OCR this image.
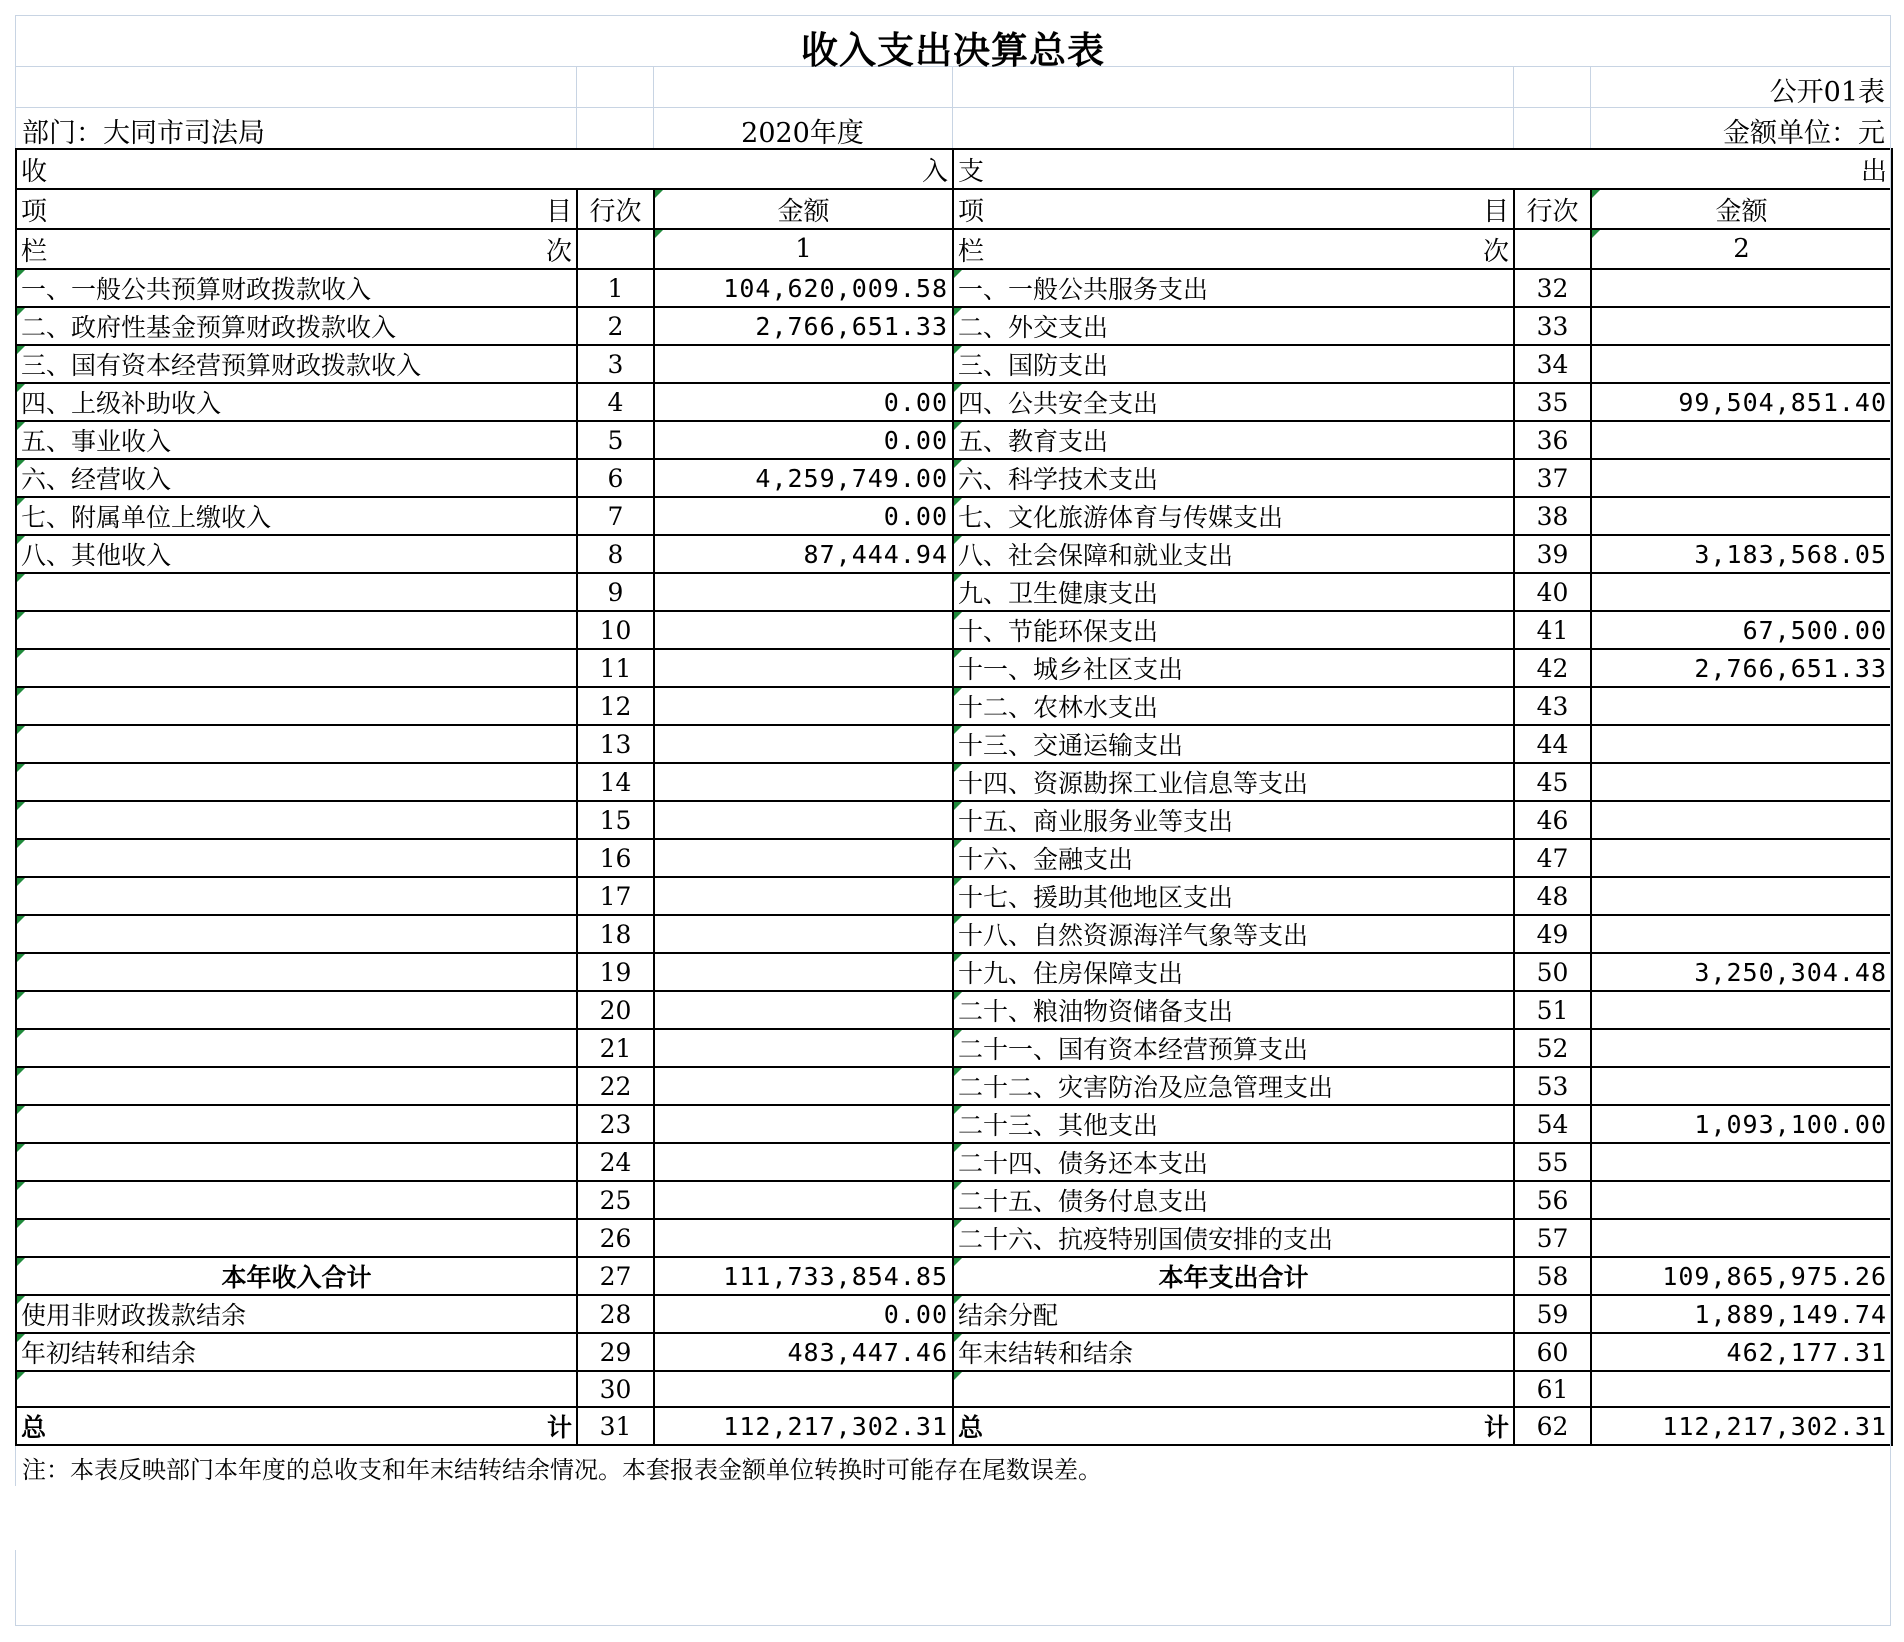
收入支出决算总表
公开01表
部门：大同市司法局	2020年度	金额单位：元
收 入			支 出		

项 目	行次	金额	项 目	行次	金额

栏 次		1	栏 次		2
一、一般公共预算财政拨款收入	1	104,620,009.58	一、一般公共服务支出	32	
二、政府性基金预算财政拨款收入	2	2,766,651.33	二、外交支出	33	
三、国有资本经营预算财政拨款收入	3		三、国防支出	34	
四、上级补助收入	4	0.00	四、公共安全支出	35	99,504,851.40
五、事业收入	5	0.00	五、教育支出	36	
六、经营收入	6	4,259,749.00	六、科学技术支出	37	
七、附属单位上缴收入	7	0.00	七、文化旅游体育与传媒支出	38	
八、其他收入	8	87,444.94	八、社会保障和就业支出	39	3,183,568.05
	9		九、卫生健康支出	40	
	10		十、节能环保支出	41	67,500.00
	11		十一、城乡社区支出	42	2,766,651.33
	12		十二、农林水支出	43	
	13		十三、交通运输支出	44	
	14		十四、资源勘探工业信息等支出	45	
	15		十五、商业服务业等支出	46	
	16		十六、金融支出	47	
	17		十七、援助其他地区支出	48	
	18		十八、自然资源海洋气象等支出	49	
	19		十九、住房保障支出	50	3,250,304.48
	20		二十、粮油物资储备支出	51	
	21		二十一、国有资本经营预算支出	52	
	22		二十二、灾害防治及应急管理支出	53	
	23		二十三、其他支出	54	1,093,100.00
	24		二十四、债务还本支出	55	
	25		二十五、债务付息支出	56	
	26		二十六、抗疫特别国债安排的支出	57	
本年收入合计	27	111,733,854.85	本年支出合计	58	109,865,975.26
使用非财政拨款结余	28	0.00	结余分配	59	1,889,149.74
年初结转和结余	29	483,447.46	年末结转和结余	60	462,177.31
	30			61	

总 计	31	112,217,302.31	总 计	62	112,217,302.31
注：本表反映部门本年度的总收支和年末结转结余情况。本套报表金额单位转换时可能存在尾数误差。
